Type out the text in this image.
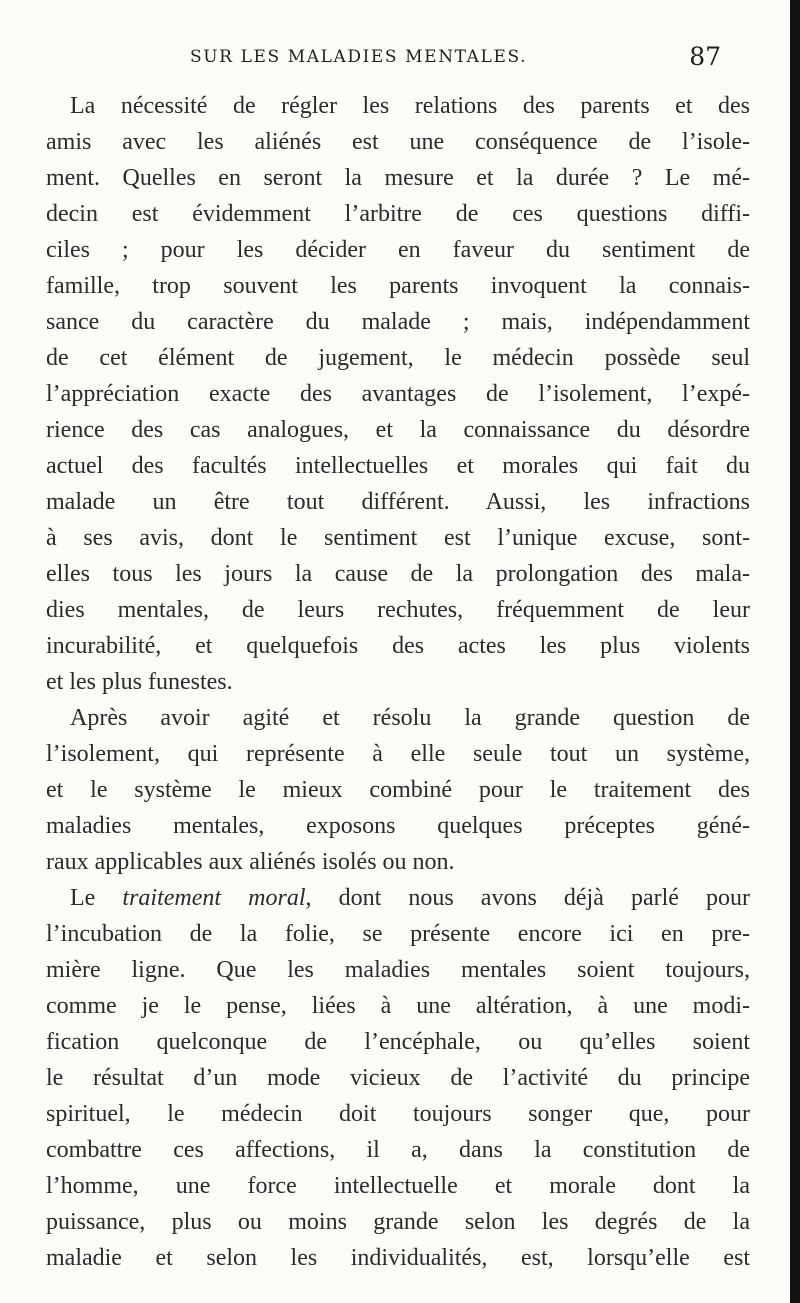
SUR LES MALADIES MENTALES.	87
La nécessité de régler les relations des parents et des
amis avec les aliénés est une conséquence de l’isole-
ment. Quelles en seront la mesure et la durée ? Le mé-
decin est évidemment l’arbitre de ces questions diffi-
ciles ; pour les décider en faveur du sentiment de
famille, trop souvent les parents invoquent la connais-
sance du caractère du malade ; mais, indépendamment
de cet élément de jugement, le médecin possède seul
l’appréciation exacte des avantages de l’isolement, l’expé-
rience des cas analogues, et la connaissance du désordre
actuel des facultés intellectuelles et morales qui fait du
malade un être tout différent. Aussi, les infractions
à ses avis, dont le sentiment est l’unique excuse, sont-
elles tous les jours la cause de la prolongation des mala-
dies mentales, de leurs rechutes, fréquemment de leur
incurabilité, et quelquefois des actes les plus violents
et les plus funestes.
Après avoir agité et résolu la grande question de
l’isolement, qui représente à elle seule tout un système,
et le système le mieux combiné pour le traitement des
maladies mentales, exposons quelques préceptes géné-
raux applicables aux aliénés isolés ou non.
Le traitement moral, dont nous avons déjà parlé pour
l’incubation de la folie, se présente encore ici en pre-
mière ligne. Que les maladies mentales soient toujours,
comme je le pense, liées à une altération, à une modi-
fication quelconque de l’encéphale, ou qu’elles soient
le résultat d’un mode vicieux de l’activité du principe
spirituel, le médecin doit toujours songer que, pour
combattre ces affections, il a, dans la constitution de
l’homme, une force intellectuelle et morale dont la
puissance, plus ou moins grande selon les degrés de la
maladie et selon les individualités, est, lorsqu’elle est
